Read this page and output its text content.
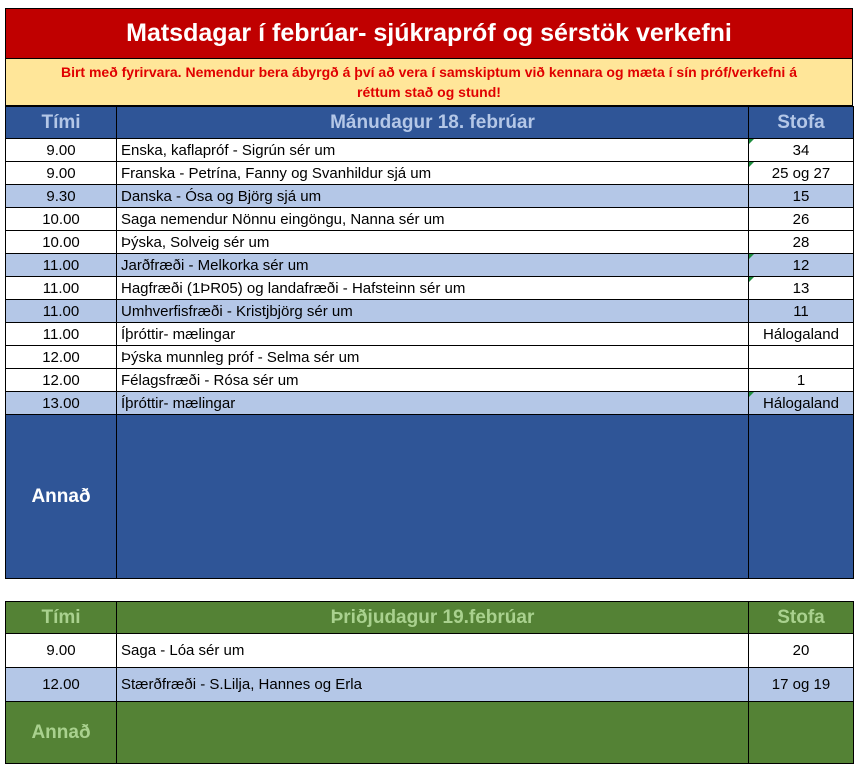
Matsdagar í febrúar- sjúkrapróf og sérstök verkefni
Birt með fyrirvara. Nemendur bera ábyrgð á því að vera í samskiptum við kennara og mæta í sín próf/verkefni á
réttum stað og stund!
Tími	Mánudagur 18. febrúar	Stofa
9.00	Enska, kaflapróf - Sigrún sér um	34
9.00	Franska - Petrína, Fanny og Svanhildur sjá um	25 og 27
9.30	Danska - Ósa og Björg sjá um	15
10.00	Saga nemendur Nönnu eingöngu, Nanna sér um	26
10.00	Þýska, Solveig sér um	28
11.00	Jarðfræði - Melkorka sér um	12
11.00	Hagfræði (1ÞR05) og landafræði - Hafsteinn sér um	13
11.00	Umhverfisfræði - Kristjbjörg sér um	11
11.00	Íþróttir- mælingar	Hálogaland
12.00	Þýska munnleg próf - Selma sér um	
12.00	Félagsfræði - Rósa sér um	1
13.00	Íþróttir- mælingar	Hálogaland
Annað		
Tími	Þriðjudagur 19.febrúar	Stofa
9.00	Saga - Lóa sér um	20
12.00	Stærðfræði - S.Lilja, Hannes og Erla	17 og 19
Annað		
